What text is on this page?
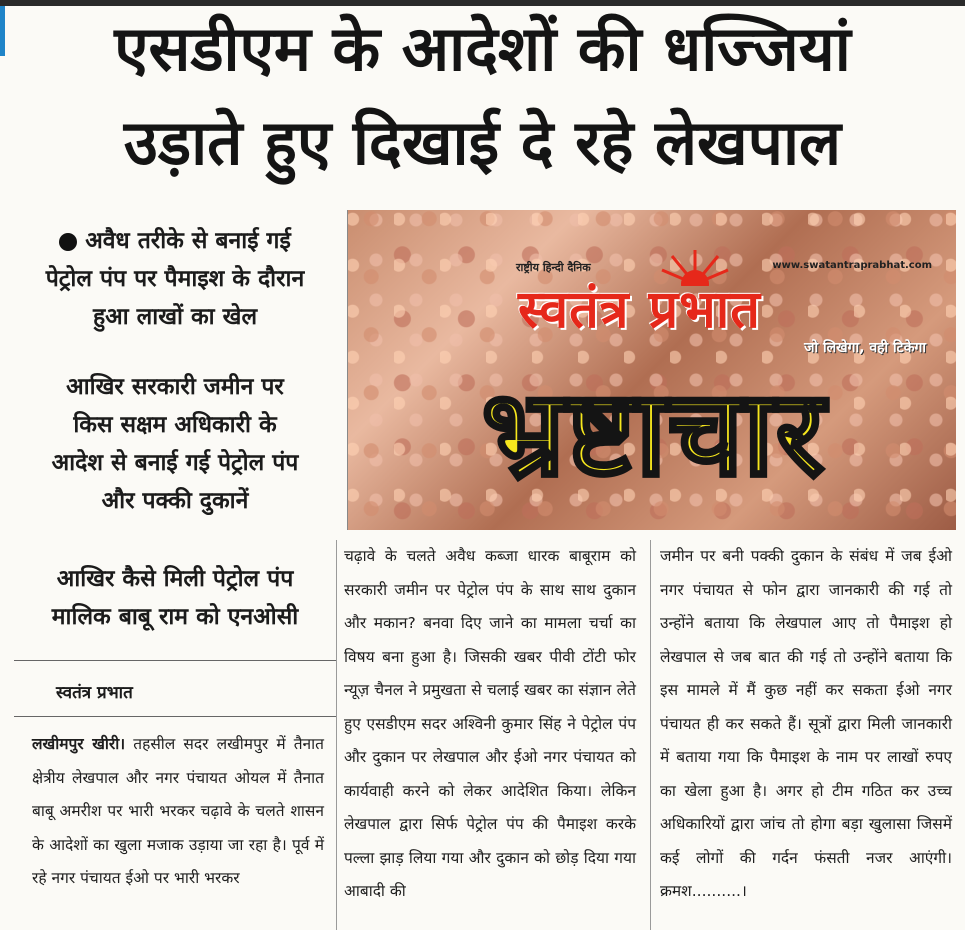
एसडीएम के आदेशों की धज्जियां
उड़ाते हुए दिखाई दे रहे लेखपाल
अवैध तरीके से बनाई गई
पेट्रोल पंप पर पैमाइश के दौरान
हुआ लाखों का खेल
आखिर सरकारी जमीन पर
किस सक्षम अधिकारी के
आदेश से बनाई गई पेट्रोल पंप
और पक्की दुकानें
आखिर कैसे मिली पेट्रोल पंप
मालिक बाबू राम को एनओसी
स्वतंत्र प्रभात
राष्ट्रीय हिन्दी दैनिक	www.swatantraprabhat.com
स्वतंत्र प्रभात
जो लिखेगा, वही टिकेगा
भ्रष्टाचार
लखीमपुर खीरी। तहसील सदर लखीमपुर में तैनात क्षेत्रीय लेखपाल और नगर पंचायत ओयल में तैनात बाबू अमरीश पर भारी भरकर चढ़ावे के चलते शासन के आदेशों का खुला मजाक उड़ाया जा रहा है। पूर्व में रहे नगर पंचायत ईओ पर भारी भरकर
चढ़ावे के चलते अवैध कब्जा धारक बाबूराम को सरकारी जमीन पर पेट्रोल पंप के साथ साथ दुकान और मकान? बनवा दिए जाने का मामला चर्चा का विषय बना हुआ है। जिसकी खबर पीवी टोंटी फोर न्यूज़ चैनल ने प्रमुखता से चलाई खबर का संज्ञान लेते हुए एसडीएम सदर अश्विनी कुमार सिंह ने पेट्रोल पंप और दुकान पर लेखपाल और ईओ नगर पंचायत को कार्यवाही करने को लेकर आदेशित किया। लेकिन लेखपाल द्वारा सिर्फ पेट्रोल पंप की पैमाइश करके पल्ला झाड़ लिया गया और दुकान को छोड़ दिया गया आबादी की
जमीन पर बनी पक्की दुकान के संबंध में जब ईओ नगर पंचायत से फोन द्वारा जानकारी की गई तो उन्होंने बताया कि लेखपाल आए तो पैमाइश हो लेखपाल से जब बात की गई तो उन्होंने बताया कि इस मामले में मैं कुछ नहीं कर सकता ईओ नगर पंचायत ही कर सकते हैं। सूत्रों द्वारा मिली जानकारी में बताया गया कि पैमाइश के नाम पर लाखों रुपए का खेला हुआ है। अगर हो टीम गठित कर उच्च अधिकारियों द्वारा जांच तो होगा बड़ा खुलासा जिसमें कई लोगों की गर्दन फंसती नजर आएंगी। क्रमश..........।
